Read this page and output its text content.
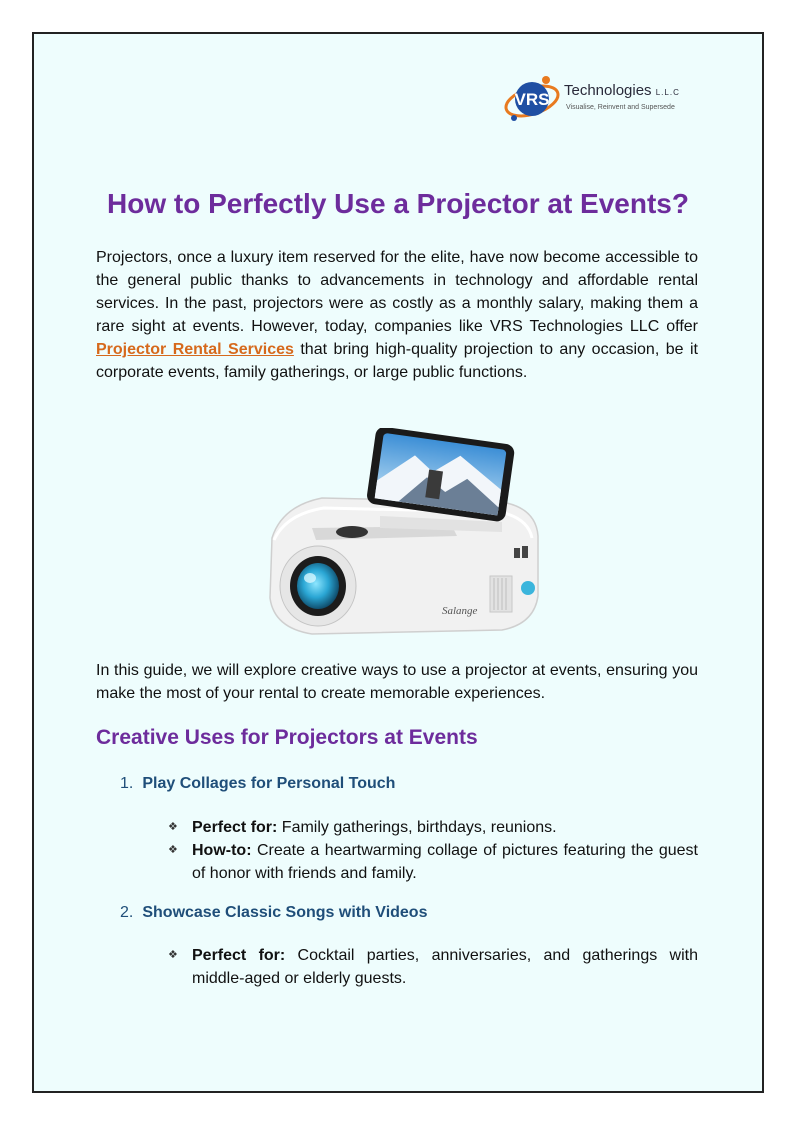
VRS Technologies L.L.C
Visualise, Reinvent and Supersede
How to Perfectly Use a Projector at Events?

Projectors, once a luxury item reserved for the elite, have now become accessible to the general public thanks to advancements in technology and affordable rental services. In the past, projectors were as costly as a monthly salary, making them a rare sight at events. However, today, companies like VRS Technologies LLC offer Projector Rental Services that bring high-quality projection to any occasion, be it corporate events, family gatherings, or large public functions.

Salange

In this guide, we will explore creative ways to use a projector at events, ensuring you make the most of your rental to create memorable experiences.

Creative Uses for Projectors at Events

1. Play Collages for Personal Touch

❖ Perfect for: Family gatherings, birthdays, reunions.
❖ How-to: Create a heartwarming collage of pictures featuring the guest of honor with friends and family.

2. Showcase Classic Songs with Videos

❖ Perfect for: Cocktail parties, anniversaries, and gatherings with middle-aged or elderly guests.
